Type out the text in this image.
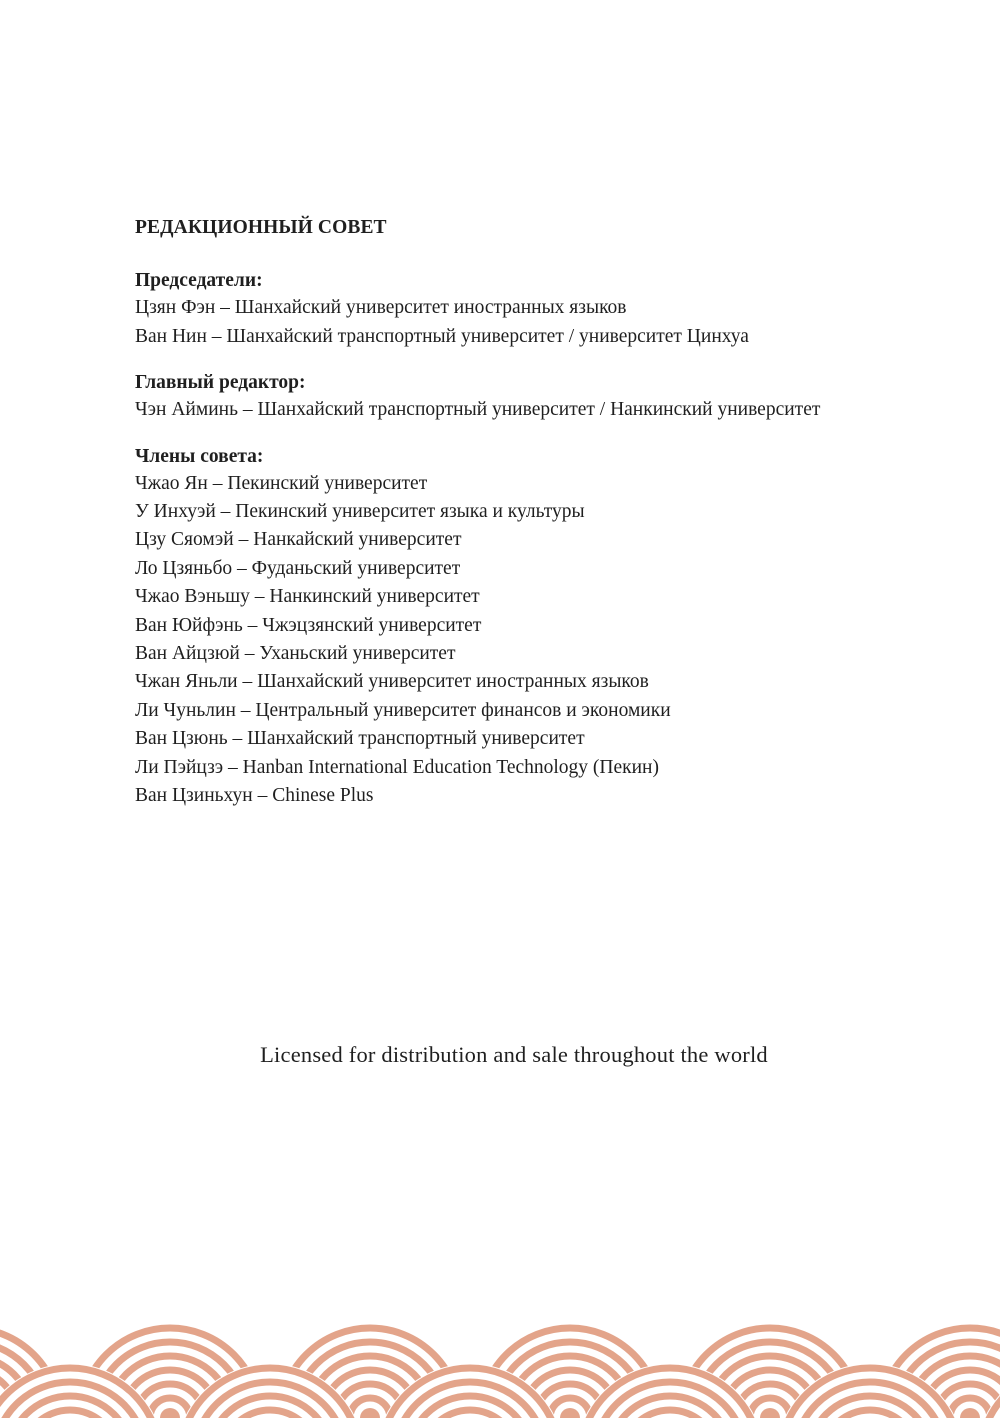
РЕДАКЦИОННЫЙ СОВЕТ
Председатели:
Цзян Фэн – Шанхайский университет иностранных языков
Ван Нин – Шанхайский транспортный университет / университет Цинхуа
Главный редактор:
Чэн Айминь – Шанхайский транспортный университет / Нанкинский университет
Члены совета:
Чжао Ян – Пекинский университет
У Инхуэй – Пекинский университет языка и культуры
Цзу Сяомэй – Нанкайский университет
Ло Цзяньбо – Фуданьский университет
Чжао Вэньшу – Нанкинский университет
Ван Юйфэнь – Чжэцзянский университет
Ван Айцзюй – Уханьский университет
Чжан Яньли – Шанхайский университет иностранных языков
Ли Чуньлин – Центральный университет финансов и экономики
Ван Цзюнь – Шанхайский транспортный университет
Ли Пэйцзэ – Hanban International Education Technology (Пекин)
Ван Цзиньхун – Chinese Plus
Licensed for distribution and sale throughout the world
